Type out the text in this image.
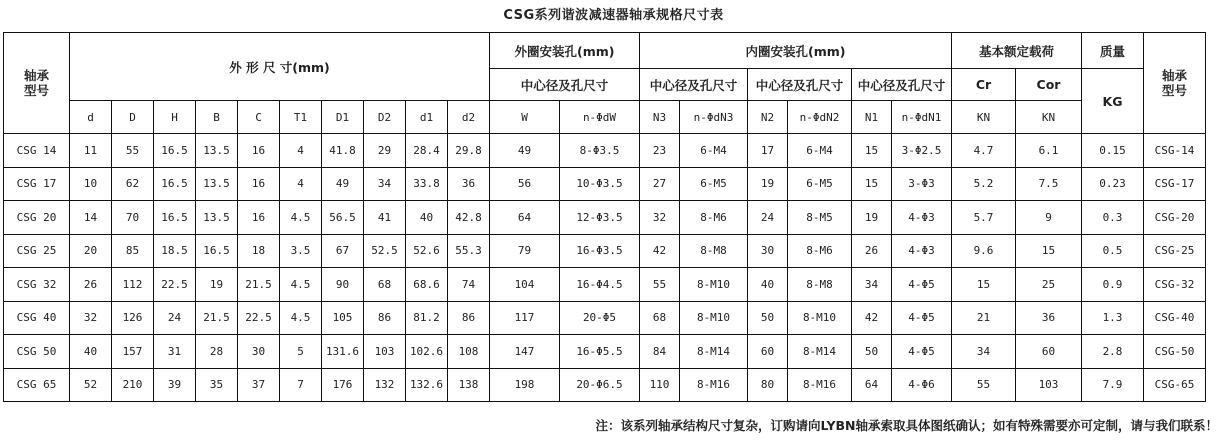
CSG系列谐波减速器轴承规格尺寸表
轴承
型号	外 形 尺 寸(mm)										外圈安装孔(mm)		内圈安装孔(mm)						基本额定载荷		质量	轴承
型号
											中心径及孔尺寸		中心径及孔尺寸		中心径及孔尺寸		中心径及孔尺寸		Cr	Cor	KG	
	d	D	H	B	C	T1	D1	D2	d1	d2	W	n-ΦdW	N3	n-ΦdN3	N2	n-ΦdN2	N1	n-ΦdN1	KN	KN		
CSG 14	11	55	16.5	13.5	16	4	41.8	29	28.4	29.8	49	8-Φ3.5	23	6-M4	17	6-M4	15	3-Φ2.5	4.7	6.1	0.15	CSG-14
CSG 17	10	62	16.5	13.5	16	4	49	34	33.8	36	56	10-Φ3.5	27	6-M5	19	6-M5	15	3-Φ3	5.2	7.5	0.23	CSG-17
CSG 20	14	70	16.5	13.5	16	4.5	56.5	41	40	42.8	64	12-Φ3.5	32	8-M6	24	8-M5	19	4-Φ3	5.7	9	0.3	CSG-20
CSG 25	20	85	18.5	16.5	18	3.5	67	52.5	52.6	55.3	79	16-Φ3.5	42	8-M8	30	8-M6	26	4-Φ3	9.6	15	0.5	CSG-25
CSG 32	26	112	22.5	19	21.5	4.5	90	68	68.6	74	104	16-Φ4.5	55	8-M10	40	8-M8	34	4-Φ5	15	25	0.9	CSG-32
CSG 40	32	126	24	21.5	22.5	4.5	105	86	81.2	86	117	20-Φ5	68	8-M10	50	8-M10	42	4-Φ5	21	36	1.3	CSG-40
CSG 50	40	157	31	28	30	5	131.6	103	102.6	108	147	16-Φ5.5	84	8-M14	60	8-M14	50	4-Φ5	34	60	2.8	CSG-50
CSG 65	52	210	39	35	37	7	176	132	132.6	138	198	20-Φ6.5	110	8-M16	80	8-M16	64	4-Φ6	55	103	7.9	CSG-65
注：该系列轴承结构尺寸复杂，订购请向LYBN轴承索取具体图纸确认；如有特殊需要亦可定制，请与我们联系！
